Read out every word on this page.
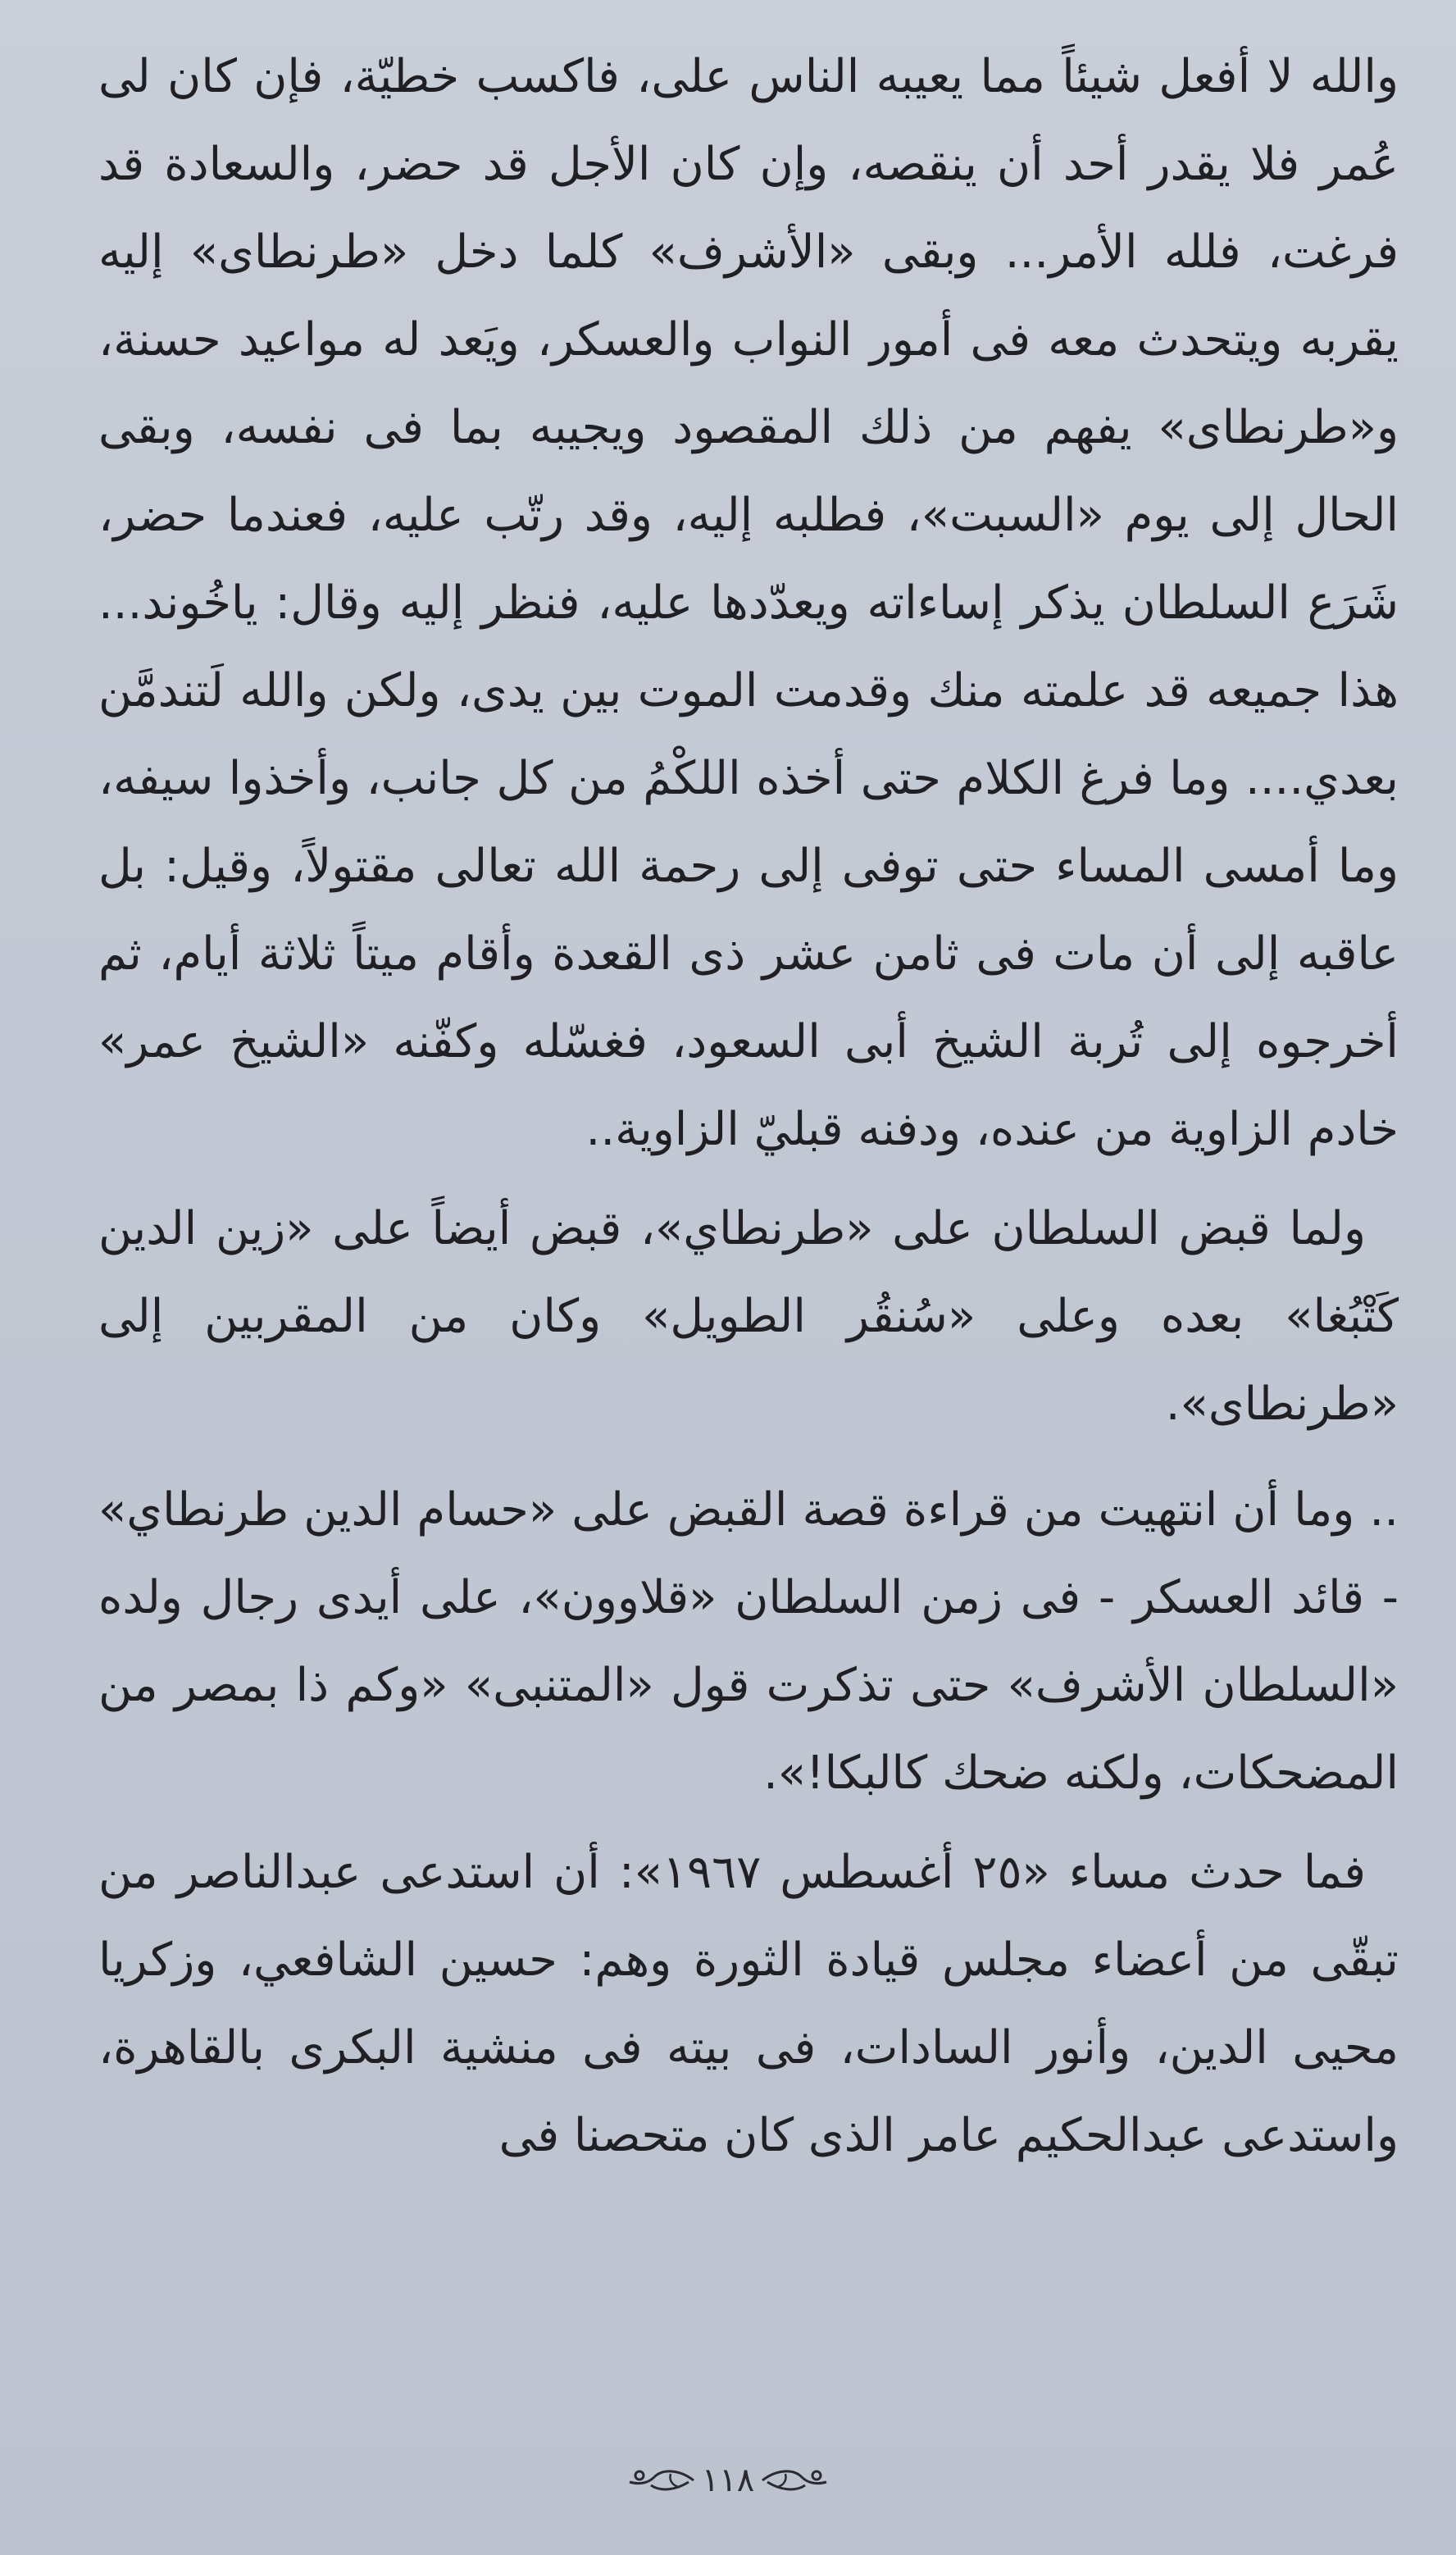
والله لا أفعل شيئاً مما يعيبه الناس على، فاكسب خطيّة، فإن كان لى عُمر فلا يقدر أحد أن ينقصه، وإن كان الأجل قد حضر، والسعادة قد فرغت، فلله الأمر... وبقى «الأشرف» كلما دخل «طرنطاى» إليه يقربه ويتحدث معه فى أمور النواب والعسكر، ويَعد له مواعيد حسنة، و«طرنطاى» يفهم من ذلك المقصود ويجيبه بما فى نفسه، وبقى الحال إلى يوم «السبت»، فطلبه إليه، وقد رتّب عليه، فعندما حضر، شَرَع السلطان يذكر إساءاته ويعدّدها عليه، فنظر إليه وقال: ياخُوند... هذا جميعه قد علمته منك وقدمت الموت بين يدى، ولكن والله لَتندمَّن بعدي.... وما فرغ الكلام حتى أخذه اللكْمُ من كل جانب، وأخذوا سيفه، وما أمسى المساء حتى توفى إلى رحمة الله تعالى مقتولاً، وقيل: بل عاقبه إلى أن مات فى ثامن عشر ذى القعدة وأقام ميتاً ثلاثة أيام، ثم أخرجوه إلى تُربة الشيخ أبى السعود، فغسّله وكفّنه «الشيخ عمر» خادم الزاوية من عنده، ودفنه قبليّ الزاوية..

ولما قبض السلطان على «طرنطاي»، قبض أيضاً على «زين الدين كَتْبُغا» بعده وعلى «سُنقُر الطويل» وكان من المقربين إلى «طرنطاى».

.. وما أن انتهيت من قراءة قصة القبض على «حسام الدين طرنطاي» - قائد العسكر - فى زمن السلطان «قلاوون»، على أيدى رجال ولده «السلطان الأشرف» حتى تذكرت قول «المتنبى» «وكم ذا بمصر من المضحكات، ولكنه ضحك كالبكا!».

فما حدث مساء «٢٥ أغسطس ١٩٦٧»: أن استدعى عبدالناصر من تبقّى من أعضاء مجلس قيادة الثورة وهم: حسين الشافعي، وزكريا محيى الدين، وأنور السادات، فى بيته فى منشية البكرى بالقاهرة، واستدعى عبدالحكيم عامر الذى كان متحصنا فى

١١٨
